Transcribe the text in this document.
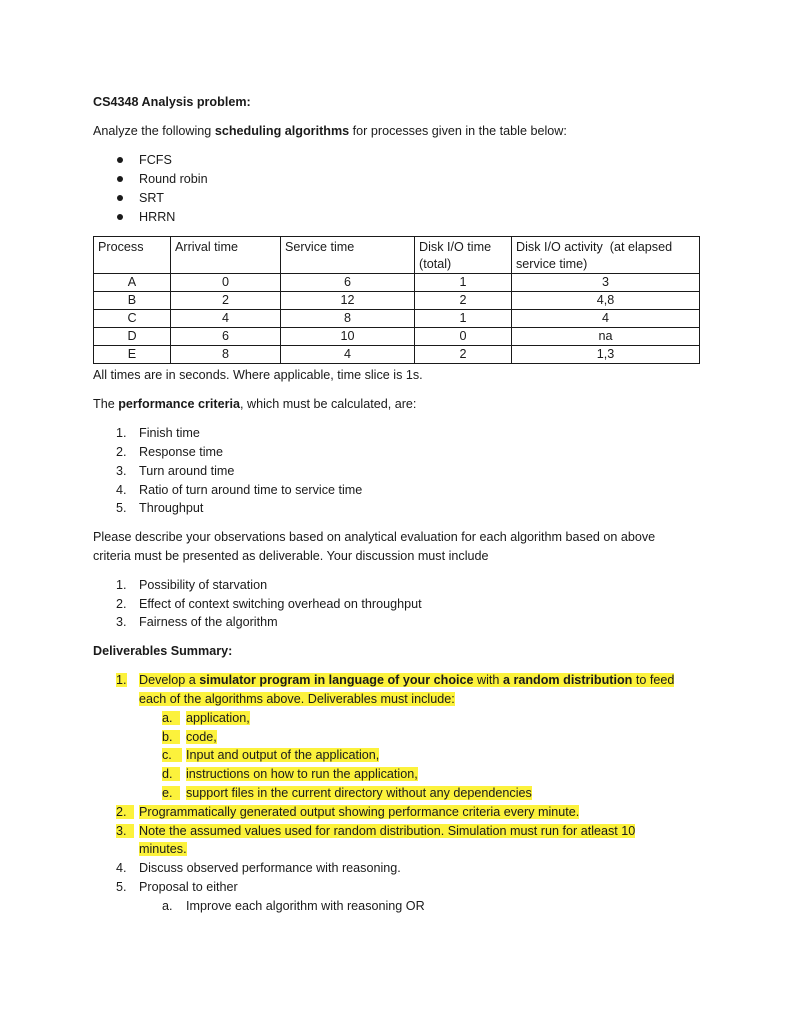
CS4348 Analysis problem:
Analyze the following scheduling algorithms for processes given in the table below:
FCFS
Round robin
SRT
HRRN
Process	Arrival time	Service time	Disk I/O time (total)	Disk I/O activity  (at elapsed service time)
A	0	6	1	3
B	2	12	2	4,8
C	4	8	1	4
D	6	10	0	na
E	8	4	2	1,3
All times are in seconds. Where applicable, time slice is 1s.
The performance criteria, which must be calculated, are:
1. Finish time
2. Response time
3. Turn around time
4. Ratio of turn around time to service time
5. Throughput
Please describe your observations based on analytical evaluation for each algorithm based on above
criteria must be presented as deliverable. Your discussion must include
1. Possibility of starvation
2. Effect of context switching overhead on throughput
3. Fairness of the algorithm
Deliverables Summary:
1. Develop a simulator program in language of your choice with a random distribution to feed
each of the algorithms above. Deliverables must include:
a. application,
b. code,
c. Input and output of the application,
d. instructions on how to run the application,
e. support files in the current directory without any dependencies
2. Programmatically generated output showing performance criteria every minute.
3. Note the assumed values used for random distribution. Simulation must run for atleast 10
minutes.
4. Discuss observed performance with reasoning.
5. Proposal to either
a. Improve each algorithm with reasoning OR
